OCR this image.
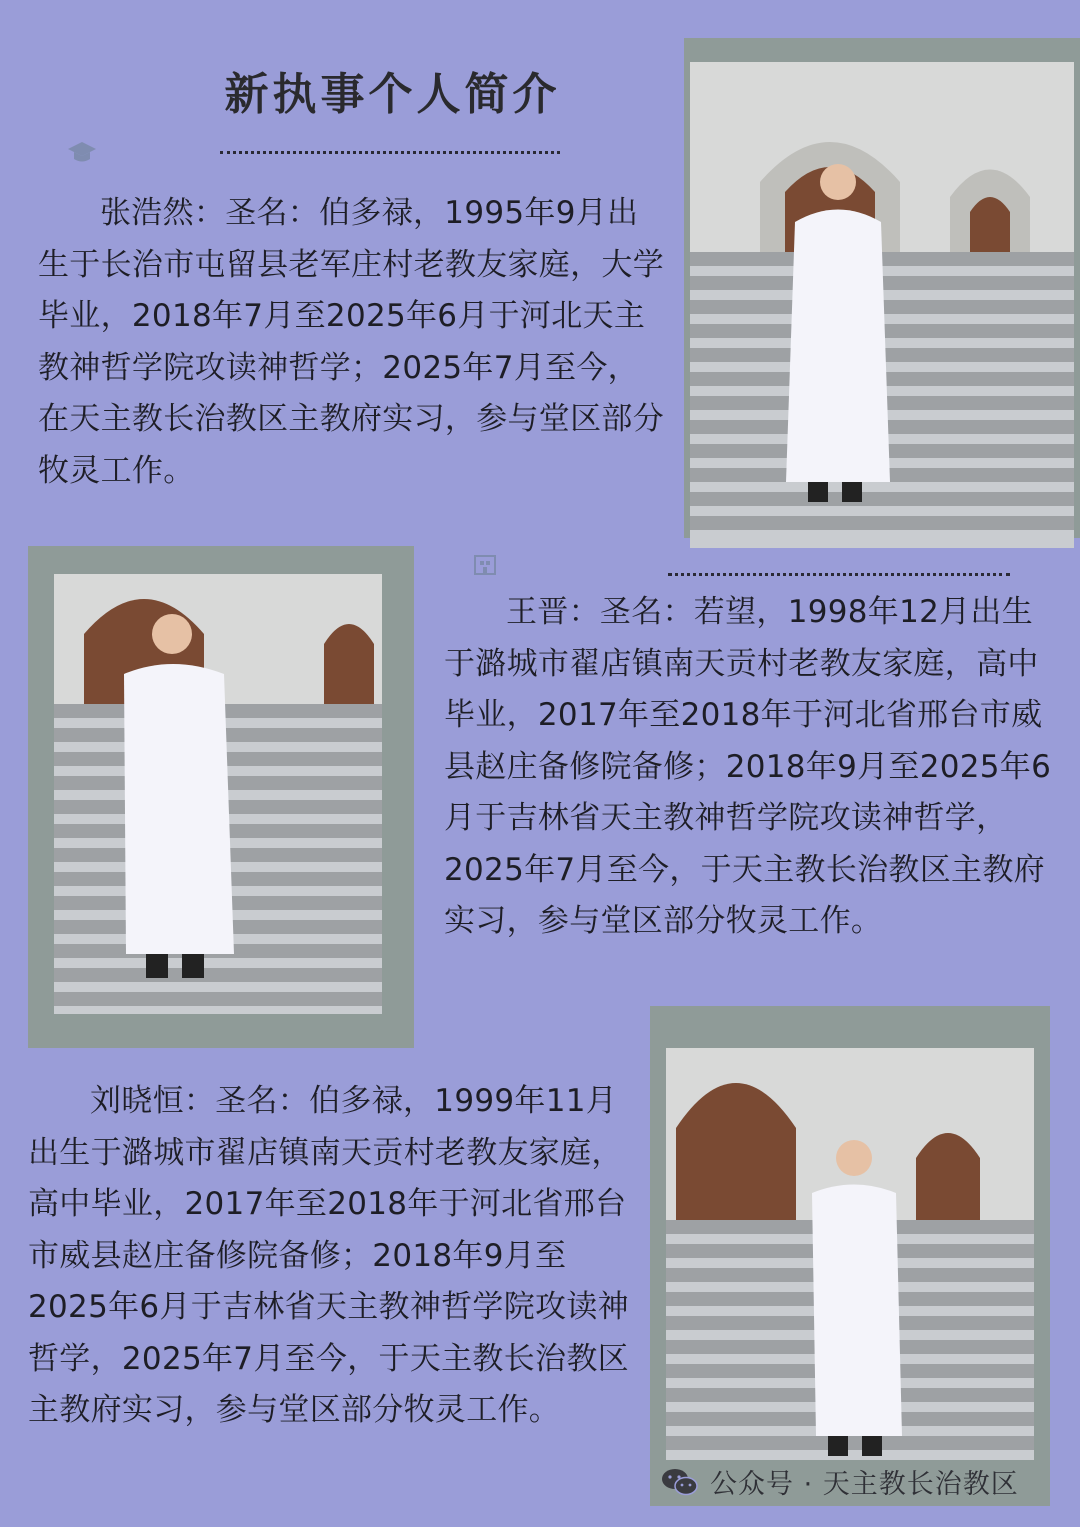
新执事个人简介

张浩然：圣名：伯多禄，1995年9月出生于长治市屯留县老军庄村老教友家庭，大学毕业，2018年7月至2025年6月于河北天主教神哲学院攻读神哲学；2025年7月至今，在天主教长治教区主教府实习，参与堂区部分牧灵工作。

王晋：圣名：若望，1998年12月出生于潞城市翟店镇南天贡村老教友家庭，高中毕业，2017年至2018年于河北省邢台市威县赵庄备修院备修；2018年9月至2025年6月于吉林省天主教神哲学院攻读神哲学，2025年7月至今，于天主教长治教区主教府实习，参与堂区部分牧灵工作。

刘晓恒：圣名：伯多禄，1999年11月出生于潞城市翟店镇南天贡村老教友家庭，高中毕业，2017年至2018年于河北省邢台市威县赵庄备修院备修；2018年9月至2025年6月于吉林省天主教神哲学院攻读神哲学，2025年7月至今，于天主教长治教区主教府实习，参与堂区部分牧灵工作。

公众号 · 天主教长治教区
